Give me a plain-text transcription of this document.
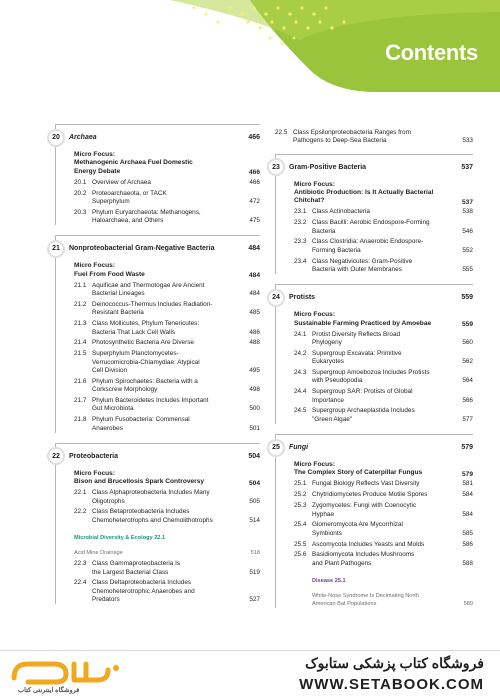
Contents
20	Archaea	466
Micro Focus:
Methanogenic Archaea Fuel Domestic
Energy Debate	466
20.1 Overview of Archaea	466
20.2 Proteoarchaeota, or TACK
Superphylum	472
20.3 Phylum Euryarchaeota: Methanogens,
Haloarchaea, and Others	475
21	Nonproteobacterial Gram-Negative Bacteria	484
Micro Focus:
Fuel From Food Waste	484
21.1 Aquificae and Thermotogae Are Ancient
Bacterial Lineages	484
21.2 Deinococcus-Thermus Includes Radiation-
Resistant Bacteria	485
21.3 Class Mollicutes, Phylum Tenericutes:
Bacteria That Lack Cell Walls	486
21.4 Photosynthetic Bacteria Are Diverse	488
21.5 Superphylum Planctomycetes-
Verrucomicrobia-Chlamydiae: Atypical
Cell Division	495
21.6 Phylum Spirochaetes: Bacteria with a
Corkscrew Morphology	498
21.7 Phylum Bacteroidetes Includes Important
Gut Microbiota	500
21.8 Phylum Fusobacteria: Commensal
Anaerobes	501
22	Proteobacteria	504
Micro Focus:
Bison and Brucellosis Spark Controversy	504
22.1 Class Alphaproteobacteria Includes Many
Oligotrophs	505
22.2 Class Betaproteobacteria Includes
Chemoheterotrophs and Chemolithotrophs	514

Microbial Diversity & Ecology 22.1

Acid Mine Drainage	518
22.3 Class Gammaproteobacteria Is
the Largest Bacterial Class	519
22.4 Class Deltaproteobacteria Includes
Chemoheterotrophic Anaerobes and
Predators	527
22.5 Class Epsilonproteobacteria Ranges from
Pathogens to Deep-Sea Bacteria	533
23	Gram-Positive Bacteria	537
Micro Focus:
Antibiotic Production: Is It Actually Bacterial
Chitchat?	537
23.1 Class Actinobacteria	538
23.2 Class Bacilli: Aerobic Endospore-Forming
Bacteria	546
23.3 Class Clostridia: Anaerobic Endospore-
Forming Bacteria	552
23.4 Class Negativicutes: Gram-Positive
Bacteria with Outer Membranes	555
24	Protists	559
Micro Focus:
Sustainable Farming Practiced by Amoebae	559
24.1 Protist Diversity Reflects Broad
Phylogeny	560
24.2 Supergroup Excavata: Primitive
Eukaryotes	562
24.3 Supergroup Amoebozoa Includes Protists
with Pseudopodia	564
24.4 Supergroup SAR: Protists of Global
Importance	566
24.5 Supergroup Archaeplastida Includes
"Green Algae"	577
25	Fungi	579
Micro Focus:
The Complex Story of Caterpillar Fungus	579
25.1 Fungal Biology Reflects Vast Diversity	581
25.2 Chytridiomycetes Produce Motile Spores	584
25.3 Zygomycetes: Fungi with Coenocytic
Hyphae	584
25.4 Glomeromycota Are Mycorrhizal
Symbionts	585
25.5 Ascomycota Includes Yeasts and Molds	586
25.6 Basidiomycota Includes Mushrooms
and Plant Pathogens	588

Disease 25.1

White-Nose Syndrome Is Decimating North
American Bat Populations	589
فروشگاه اینترنتی کتاب
فروشگاه کتاب پزشکی ستابوک
WWW.SETABOOK.COM
